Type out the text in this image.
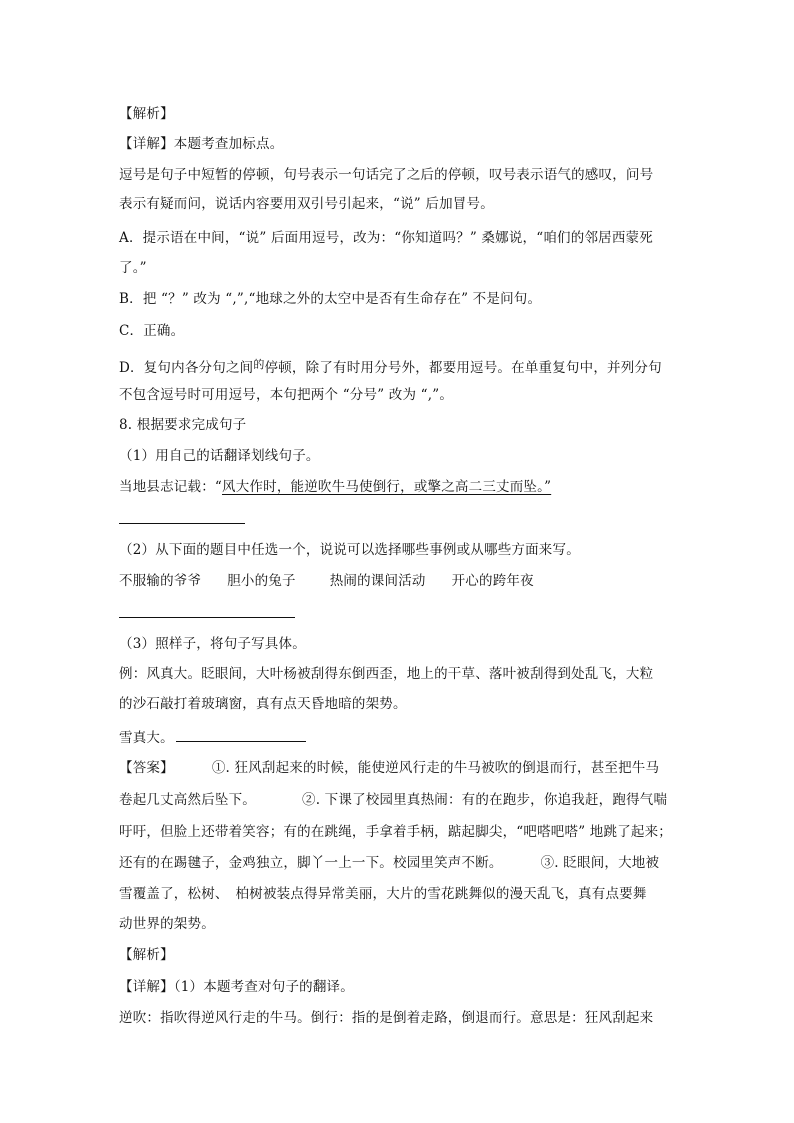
【解析】
【详解】本题考查加标点。
逗号是句子中短暂的停顿，句号表示一句话完了之后的停顿，叹号表示语气的感叹，问号
表示有疑而问，说话内容要用双引号引起来，“说” 后加冒号。
A．提示语在中间，“说” 后面用逗号，改为：“你知道吗？” 桑娜说，“咱们的邻居西蒙死
了。”
B．把 “？” 改为 “,”,“地球之外的太空中是否有生命存在” 不是问句。
C．正确。
D．复句内各分句之间$^的$停顿，除了有时用分号外，都要用逗号。在单重复句中，并列分句
不包含逗号时可用逗号，本句把两个 “分号” 改为 “,”。
8. 根据要求完成句子
（1）用自己的话翻译划线句子。
当地县志记载：“风大作时，能逆吹牛马使倒行，或擎之高二三丈而坠。”
（2）从下面的题目中任选一个，说说可以选择哪些事例或从哪些方面来写。
不服输的爷爷 胆小的兔子	热闹的课间活动 开心的跨年夜
（3）照样子，将句子写具体。
例：风真大。眨眼间，大叶杨被刮得东倒西歪，地上的干草、落叶被刮得到处乱飞，大粒
的沙石敲打着玻璃窗，真有点天昏地暗的架势。
雪真大。
【答案】	①. 狂风刮起来的时候，能使逆风行走的牛马被吹的倒退而行，甚至把牛马
卷起几丈高然后坠下。	②. 下课了校园里真热闹：有的在跑步，你追我赶，跑得气喘
吁吁，但脸上还带着笑容；有的在跳绳，手拿着手柄，踮起脚尖，“吧嗒吧嗒” 地跳了起来；
还有的在踢毽子，金鸡独立，脚丫一上一下。校园里笑声不断。	③. 眨眼间，大地被
雪覆盖了，松树、　柏树被装点得异常美丽，大片的雪花跳舞似的漫天乱飞，真有点要舞
动世界的架势。
【解析】
【详解】（1）本题考查对句子的翻译。
逆吹：指吹得逆风行走的牛马。倒行：指的是倒着走路，倒退而行。意思是：狂风刮起来
